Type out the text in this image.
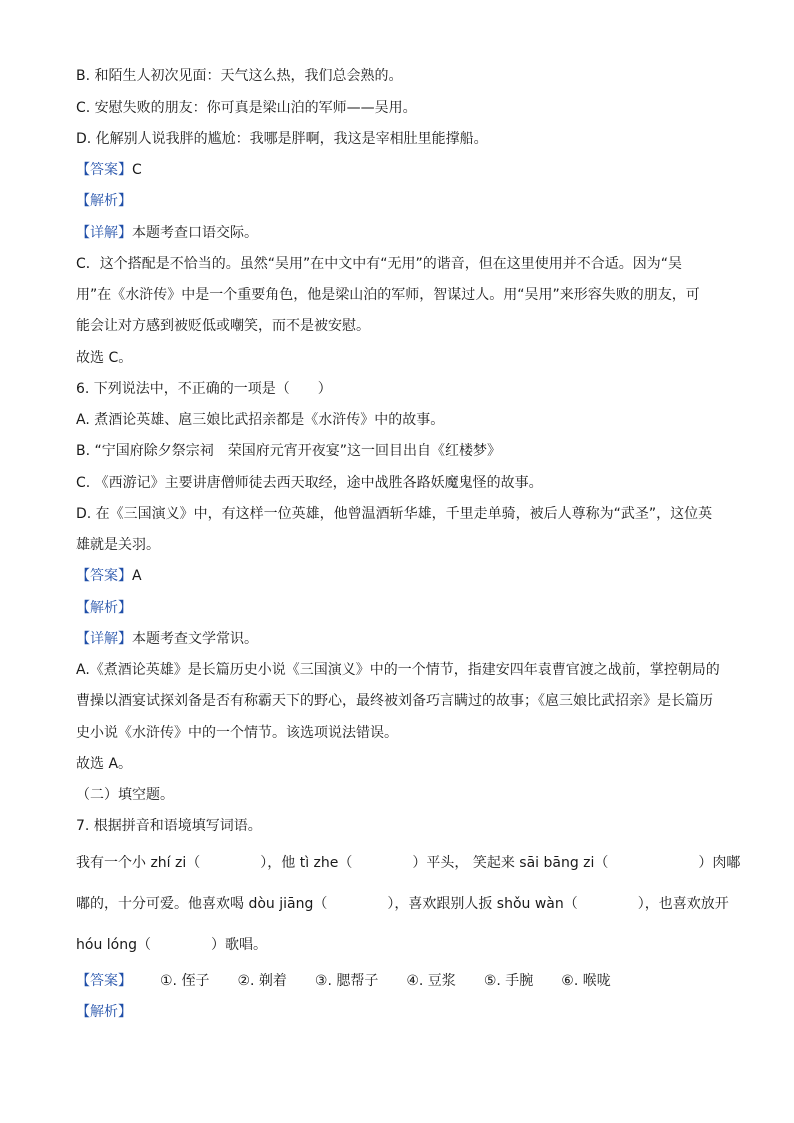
B. 和陌生人初次见面：天气这么热，我们总会熟的。
C. 安慰失败的朋友：你可真是梁山泊的军师——吴用。
D. 化解别人说我胖的尴尬：我哪是胖啊，我这是宰相肚里能撑船。
【答案】C
【解析】
【详解】本题考查口语交际。
C．这个搭配是不恰当的。虽然“吴用”在中文中有“无用”的谐音，但在这里使用并不合适。因为“吴
用”在《水浒传》中是一个重要角色，他是梁山泊的军师，智谋过人。用“吴用”来形容失败的朋友，可
能会让对方感到被贬低或嘲笑，而不是被安慰。
故选 C。
6. 下列说法中，不正确的一项是（　　）
A. 煮酒论英雄、扈三娘比武招亲都是《水浒传》中的故事。
B. “宁国府除夕祭宗祠　荣国府元宵开夜宴”这一回目出自《红楼梦》
C. 《西游记》主要讲唐僧师徒去西天取经，途中战胜各路妖魔鬼怪的故事。
D. 在《三国演义》中，有这样一位英雄，他曾温酒斩华雄，千里走单骑，被后人尊称为“武圣”，这位英
雄就是关羽。
【答案】A
【解析】
【详解】本题考查文学常识。
A.《煮酒论英雄》是长篇历史小说《三国演义》中的一个情节，指建安四年袁曹官渡之战前，掌控朝局的
曹操以酒宴试探刘备是否有称霸天下的野心，最终被刘备巧言瞒过的故事；《扈三娘比武招亲》是长篇历
史小说《水浒传》中的一个情节。该选项说法错误。
故选 A。
（二）填空题。
7. 根据拼音和语境填写词语。
我有一个小 zhí zi（	），他 tì zhe（	）平头， 笑起来 sāi bāng zi（	）肉嘟
嘟的，十分可爱。他喜欢喝 dòu jiāng（	），喜欢跟别人扳 shǒu wàn（	），也喜欢放开
hóu lóng（	）歌唱。
【答案】 ①. 侄子 ②. 剃着 ③. 腮帮子 ④. 豆浆 ⑤. 手腕 ⑥. 喉咙
【解析】
